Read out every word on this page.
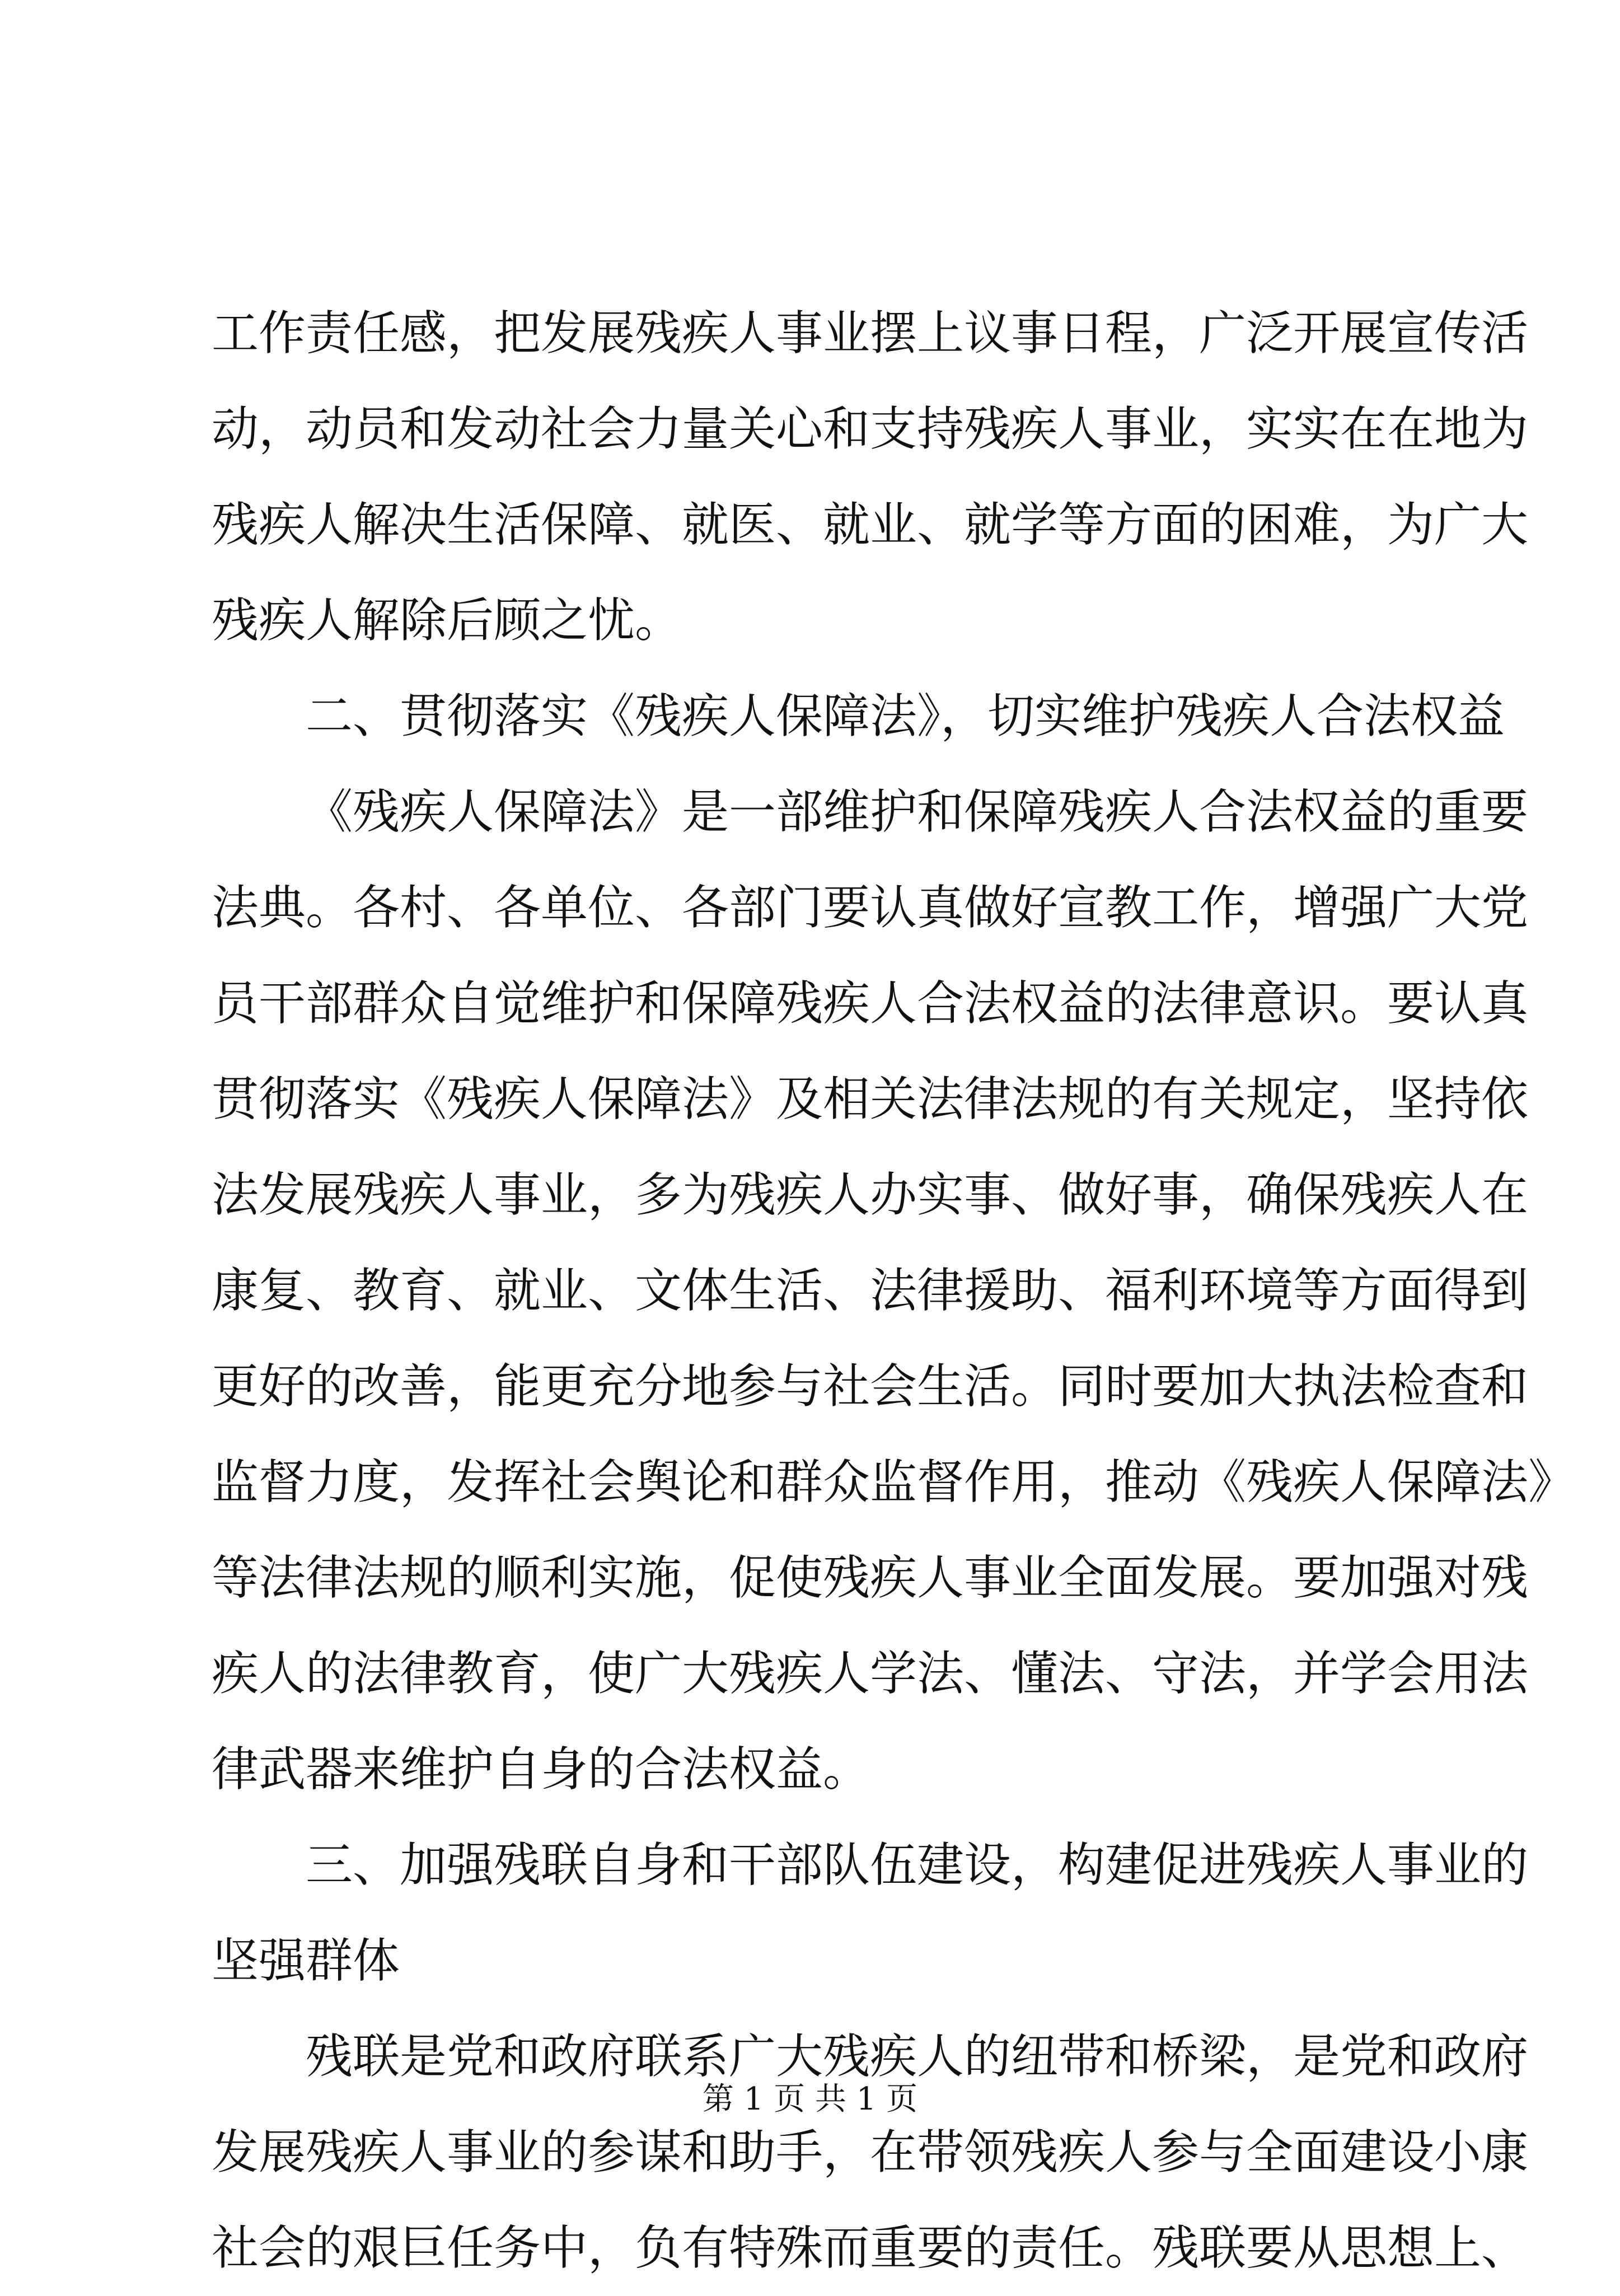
工作责任感，把发展残疾人事业摆上议事日程，广泛开展宣传活
动，动员和发动社会力量关心和支持残疾人事业，实实在在地为
残疾人解决生活保障、就医、就业、就学等方面的困难，为广大
残疾人解除后顾之忧。
二、贯彻落实《残疾人保障法》，切实维护残疾人合法权益
《残疾人保障法》是一部维护和保障残疾人合法权益的重要
法典。各村、各单位、各部门要认真做好宣教工作，增强广大党
员干部群众自觉维护和保障残疾人合法权益的法律意识。要认真
贯彻落实《残疾人保障法》及相关法律法规的有关规定，坚持依
法发展残疾人事业，多为残疾人办实事、做好事，确保残疾人在
康复、教育、就业、文体生活、法律援助、福利环境等方面得到
更好的改善，能更充分地参与社会生活。同时要加大执法检查和
监督力度，发挥社会舆论和群众监督作用，推动《残疾人保障法》
等法律法规的顺利实施，促使残疾人事业全面发展。要加强对残
疾人的法律教育，使广大残疾人学法、懂法、守法，并学会用法
律武器来维护自身的合法权益。
三、加强残联自身和干部队伍建设，构建促进残疾人事业的
坚强群体
残联是党和政府联系广大残疾人的纽带和桥梁，是党和政府
发展残疾人事业的参谋和助手，在带领残疾人参与全面建设小康
社会的艰巨任务中，负有特殊而重要的责任。残联要从思想上、
第 1 页 共 1 页
